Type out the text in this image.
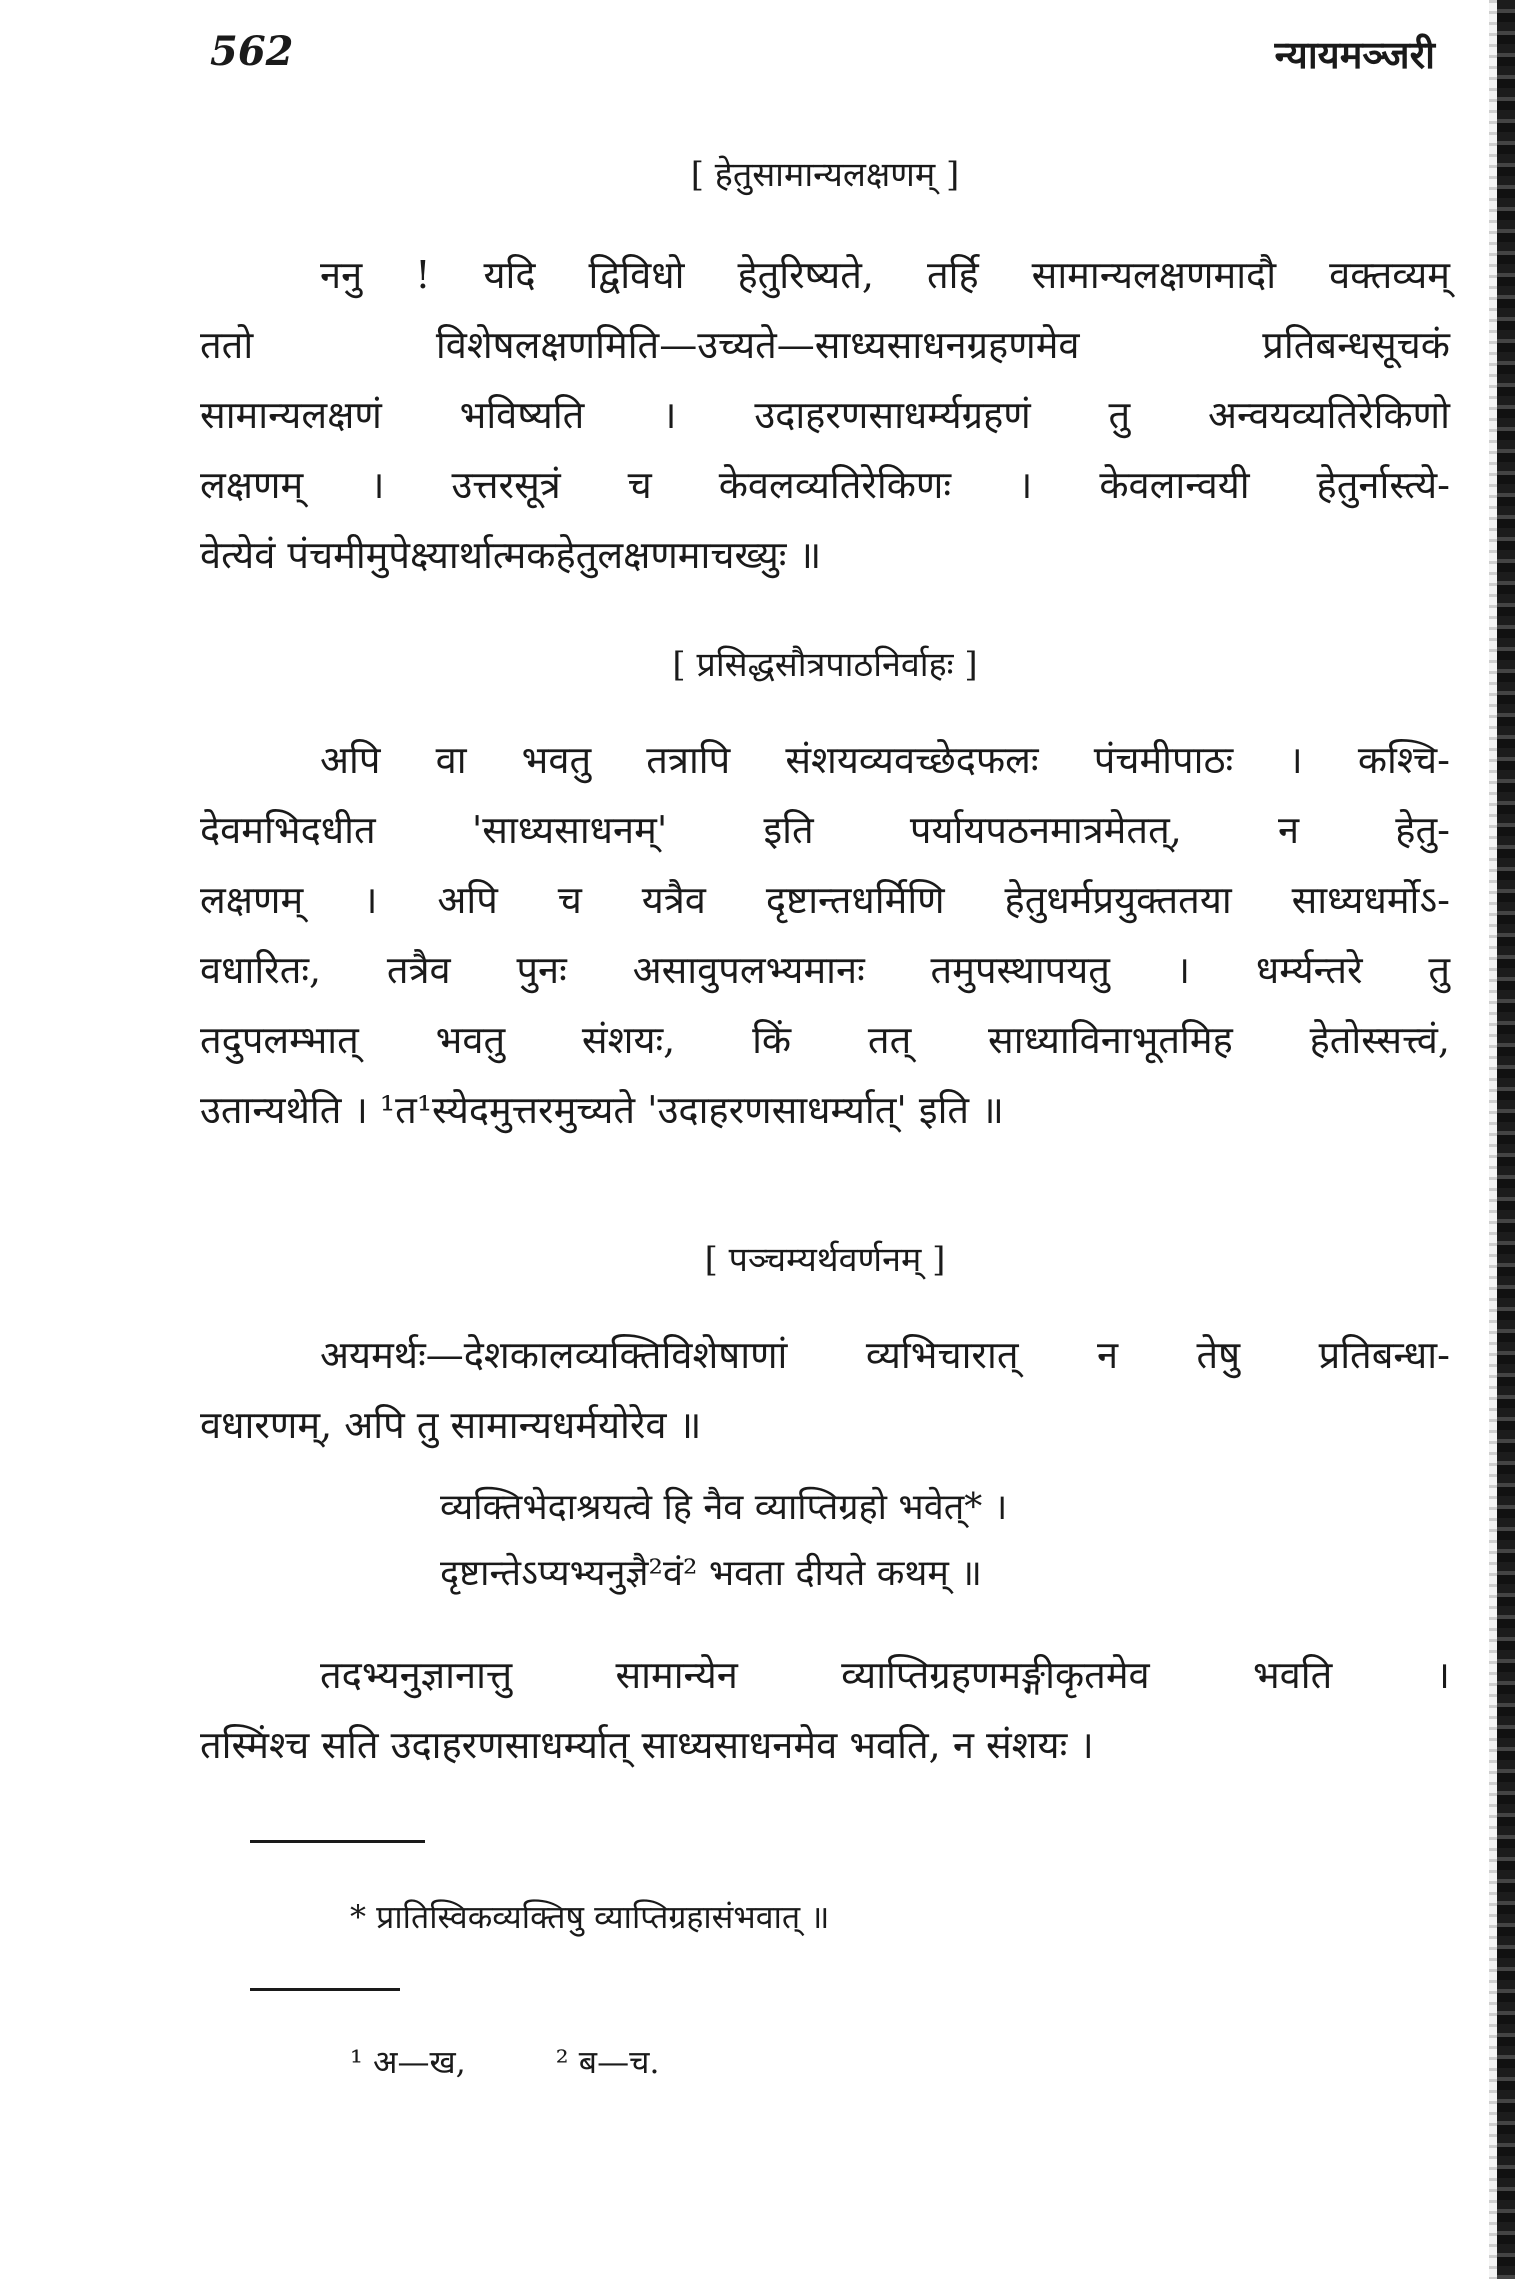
562	न्यायमञ्जरी
[ हेतुसामान्यलक्षणम् ]
ननु ! यदि द्विविधो हेतुरिष्यते, तर्हि सामान्यलक्षणमादौ वक्तव्यम्
ततो विशेषलक्षणमिति—उच्यते—साध्यसाधनग्रहणमेव प्रतिबन्धसूचकं
सामान्यलक्षणं भविष्यति । उदाहरणसाधर्म्यग्रहणं तु अन्वयव्यतिरेकिणो
लक्षणम् । उत्तरसूत्रं च केवलव्यतिरेकिणः । केवलान्वयी हेतुर्नास्त्ये-
वेत्येवं पंचमीमुपेक्ष्यार्थात्मकहेतुलक्षणमाचख्युः ॥
[ प्रसिद्धसौत्रपाठनिर्वाहः ]
अपि वा भवतु तत्रापि संशयव्यवच्छेदफलः पंचमीपाठः । कश्चि-
देवमभिदधीत 'साध्यसाधनम्' इति पर्यायपठनमात्रमेतत्, न हेतु-
लक्षणम् । अपि च यत्रैव दृष्टान्तधर्मिणि हेतुधर्मप्रयुक्ततया साध्यधर्मोऽ-
वधारितः, तत्रैव पुनः असावुपलभ्यमानः तमुपस्थापयतु । धर्म्यन्तरे तु
तदुपलम्भात् भवतु संशयः, किं तत् साध्याविनाभूतमिह हेतोस्सत्त्वं,
उतान्यथेति । ¹त¹स्येदमुत्तरमुच्यते 'उदाहरणसाधर्म्यात्' इति ॥
[ पञ्चम्यर्थवर्णनम् ]
अयमर्थः—देशकालव्यक्तिविशेषाणां व्यभिचारात् न तेषु प्रतिबन्धा-
वधारणम्, अपि तु सामान्यधर्मयोरेव ॥
व्यक्तिभेदाश्रयत्वे हि नैव व्याप्तिग्रहो भवेत्* ।
दृष्टान्तेऽप्यभ्यनुज्ञै²वं² भवता दीयते कथम् ॥
तदभ्यनुज्ञानात्तु सामान्येन व्याप्तिग्रहणमङ्गीकृतमेव भवति ।
तस्मिंश्च सति उदाहरणसाधर्म्यात् साध्यसाधनमेव भवति, न संशयः ।
* प्रातिस्विकव्यक्तिषु व्याप्तिग्रहासंभवात् ॥
¹ अ—ख,	² ब—च.
